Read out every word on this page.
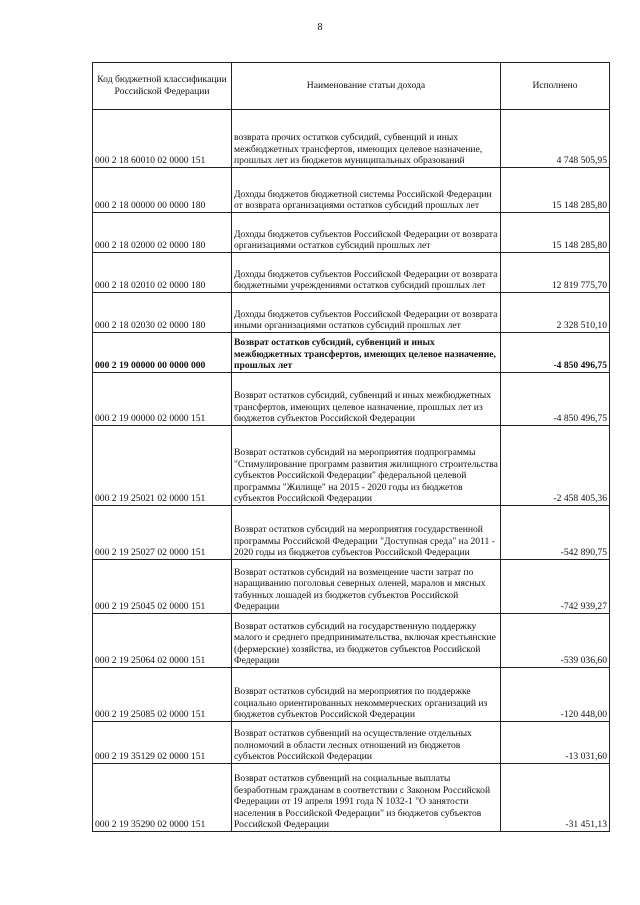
8
Код бюджетной классификации Российской Федерации	Наименование статьи дохода	Исполнено
000 2 18 60010 02 0000 151	возврата прочих остатков субсидий, субвенций и иных межбюджетных трансфертов, имеющих целевое назначение, прошлых лет из бюджетов муниципальных образований	4 748 505,95
000 2 18 00000 00 0000 180	Доходы бюджетов бюджетной системы Российской Федерации от возврата организациями остатков субсидий прошлых лет	15 148 285,80
000 2 18 02000 02 0000 180	Доходы бюджетов субъектов Российской Федерации от возврата организациями остатков субсидий прошлых лет	15 148 285,80
000 2 18 02010 02 0000 180	Доходы бюджетов субъектов Российской Федерации от возврата бюджетными учреждениями остатков субсидий прошлых лет	12 819 775,70
000 2 18 02030 02 0000 180	Доходы бюджетов субъектов Российской Федерации от возврата иными организациями остатков субсидий прошлых лет	2 328 510,10
000 2 19 00000 00 0000 000	Возврат остатков субсидий, субвенций и иных межбюджетных трансфертов, имеющих целевое назначение, прошлых лет	-4 850 496,75
000 2 19 00000 02 0000 151	Возврат остатков субсидий, субвенций и иных межбюджетных трансфертов, имеющих целевое назначение, прошлых лет из бюджетов субъектов Российской Федерации	-4 850 496,75
000 2 19 25021 02 0000 151	Возврат остатков субсидий на мероприятия подпрограммы "Стимулирование программ развития жилищного строительства субъектов Российской Федерации" федеральной целевой программы "Жилище" на 2015 - 2020 годы из бюджетов субъектов Российской Федерации	-2 458 405,36
000 2 19 25027 02 0000 151	Возврат остатков субсидий на мероприятия государственной программы Российской Федерации "Доступная среда" на 2011 - 2020 годы из бюджетов субъектов Российской Федерации	-542 890,75
000 2 19 25045 02 0000 151	Возврат остатков субсидий на возмещение части затрат по наращиванию поголовья северных оленей, маралов и мясных табунных лошадей из бюджетов субъектов Российской Федерации	-742 939,27
000 2 19 25064 02 0000 151	Возврат остатков субсидий на государственную поддержку малого и среднего предпринимательства, включая крестьянские (фермерские) хозяйства, из бюджетов субъектов Российской Федерации	-539 036,60
000 2 19 25085 02 0000 151	Возврат остатков субсидий на мероприятия по поддержке социально ориентированных некоммерческих организаций из бюджетов субъектов Российской Федерации	-120 448,00
000 2 19 35129 02 0000 151	Возврат остатков субвенций на осуществление отдельных полномочий в области лесных отношений из бюджетов субъектов Российской Федерации	-13 031,60
000 2 19 35290 02 0000 151	Возврат остатков субвенций на социальные выплаты безработным гражданам в соответствии с Законом Российской Федерации от 19 апреля 1991 года N 1032-1 "О занятости населения в Российской Федерации" из бюджетов субъектов Российской Федерации	-31 451,13
